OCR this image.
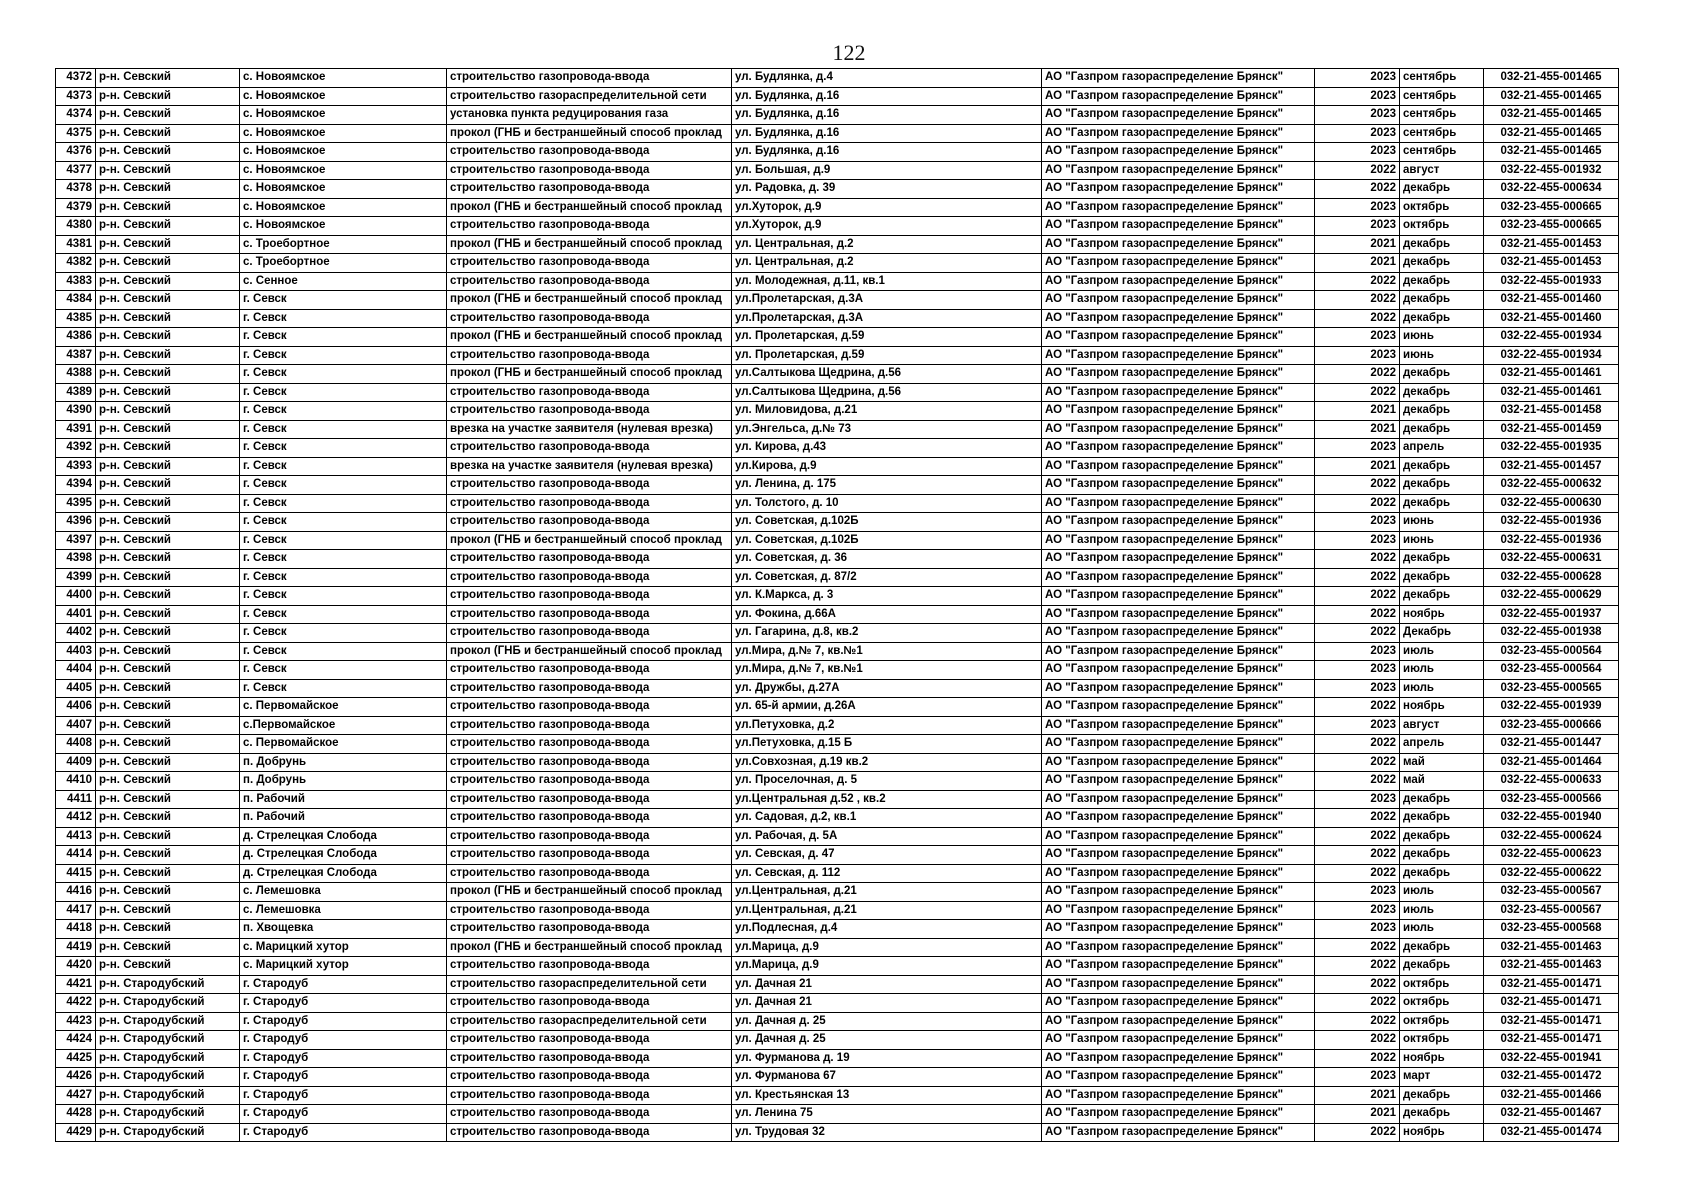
122
4372	р-н. Севский	с. Новоямское	строительство газопровода-ввода	ул. Будлянка, д.4	АО "Газпром газораспределение Брянск"	2023	сентябрь	032-21-455-001465
4373	р-н. Севский	с. Новоямское	строительство газораспределительной сети	ул. Будлянка, д.16	АО "Газпром газораспределение Брянск"	2023	сентябрь	032-21-455-001465
4374	р-н. Севский	с. Новоямское	установка пункта редуцирования газа	ул. Будлянка, д.16	АО "Газпром газораспределение Брянск"	2023	сентябрь	032-21-455-001465
4375	р-н. Севский	с. Новоямское	прокол (ГНБ и бестраншейный способ проклад	ул. Будлянка, д.16	АО "Газпром газораспределение Брянск"	2023	сентябрь	032-21-455-001465
4376	р-н. Севский	с. Новоямское	строительство газопровода-ввода	ул. Будлянка, д.16	АО "Газпром газораспределение Брянск"	2023	сентябрь	032-21-455-001465
4377	р-н. Севский	с. Новоямское	строительство газопровода-ввода	ул. Большая, д.9	АО "Газпром газораспределение Брянск"	2022	август	032-22-455-001932
4378	р-н. Севский	с. Новоямское	строительство газопровода-ввода	ул. Радовка, д. 39	АО "Газпром газораспределение Брянск"	2022	декабрь	032-22-455-000634
4379	р-н. Севский	с. Новоямское	прокол (ГНБ и бестраншейный способ проклад	ул.Хуторок, д.9	АО "Газпром газораспределение Брянск"	2023	октябрь	032-23-455-000665
4380	р-н. Севский	с. Новоямское	строительство газопровода-ввода	ул.Хуторок, д.9	АО "Газпром газораспределение Брянск"	2023	октябрь	032-23-455-000665
4381	р-н. Севский	с. Троебортное	прокол (ГНБ и бестраншейный способ проклад	ул. Центральная, д.2	АО "Газпром газораспределение Брянск"	2021	декабрь	032-21-455-001453
4382	р-н. Севский	с. Троебортное	строительство газопровода-ввода	ул. Центральная, д.2	АО "Газпром газораспределение Брянск"	2021	декабрь	032-21-455-001453
4383	р-н. Севский	с. Сенное	строительство газопровода-ввода	ул. Молодежная, д.11, кв.1	АО "Газпром газораспределение Брянск"	2022	декабрь	032-22-455-001933
4384	р-н. Севский	г. Севск	прокол (ГНБ и бестраншейный способ проклад	ул.Пролетарская, д.3А	АО "Газпром газораспределение Брянск"	2022	декабрь	032-21-455-001460
4385	р-н. Севский	г. Севск	строительство газопровода-ввода	ул.Пролетарская, д.3А	АО "Газпром газораспределение Брянск"	2022	декабрь	032-21-455-001460
4386	р-н. Севский	г. Севск	прокол (ГНБ и бестраншейный способ проклад	ул. Пролетарская, д.59	АО "Газпром газораспределение Брянск"	2023	июнь	032-22-455-001934
4387	р-н. Севский	г. Севск	строительство газопровода-ввода	ул. Пролетарская, д.59	АО "Газпром газораспределение Брянск"	2023	июнь	032-22-455-001934
4388	р-н. Севский	г. Севск	прокол (ГНБ и бестраншейный способ проклад	ул.Салтыкова Щедрина, д.56	АО "Газпром газораспределение Брянск"	2022	декабрь	032-21-455-001461
4389	р-н. Севский	г. Севск	строительство газопровода-ввода	ул.Салтыкова Щедрина, д.56	АО "Газпром газораспределение Брянск"	2022	декабрь	032-21-455-001461
4390	р-н. Севский	г. Севск	строительство газопровода-ввода	ул. Миловидова, д.21	АО "Газпром газораспределение Брянск"	2021	декабрь	032-21-455-001458
4391	р-н. Севский	г. Севск	врезка на участке заявителя (нулевая врезка)	ул.Энгельса, д.№ 73	АО "Газпром газораспределение Брянск"	2021	декабрь	032-21-455-001459
4392	р-н. Севский	г. Севск	строительство газопровода-ввода	ул. Кирова, д.43	АО "Газпром газораспределение Брянск"	2023	апрель	032-22-455-001935
4393	р-н. Севский	г. Севск	врезка на участке заявителя (нулевая врезка)	ул.Кирова, д.9	АО "Газпром газораспределение Брянск"	2021	декабрь	032-21-455-001457
4394	р-н. Севский	г. Севск	строительство газопровода-ввода	ул. Ленина, д. 175	АО "Газпром газораспределение Брянск"	2022	декабрь	032-22-455-000632
4395	р-н. Севский	г. Севск	строительство газопровода-ввода	ул. Толстого, д. 10	АО "Газпром газораспределение Брянск"	2022	декабрь	032-22-455-000630
4396	р-н. Севский	г. Севск	строительство газопровода-ввода	ул. Советская, д.102Б	АО "Газпром газораспределение Брянск"	2023	июнь	032-22-455-001936
4397	р-н. Севский	г. Севск	прокол (ГНБ и бестраншейный способ проклад	ул. Советская, д.102Б	АО "Газпром газораспределение Брянск"	2023	июнь	032-22-455-001936
4398	р-н. Севский	г. Севск	строительство газопровода-ввода	ул. Советская, д. 36	АО "Газпром газораспределение Брянск"	2022	декабрь	032-22-455-000631
4399	р-н. Севский	г. Севск	строительство газопровода-ввода	ул. Советская, д. 87/2	АО "Газпром газораспределение Брянск"	2022	декабрь	032-22-455-000628
4400	р-н. Севский	г. Севск	строительство газопровода-ввода	ул. К.Маркса, д. 3	АО "Газпром газораспределение Брянск"	2022	декабрь	032-22-455-000629
4401	р-н. Севский	г. Севск	строительство газопровода-ввода	ул. Фокина, д.66А	АО "Газпром газораспределение Брянск"	2022	ноябрь	032-22-455-001937
4402	р-н. Севский	г. Севск	строительство газопровода-ввода	ул. Гагарина, д.8, кв.2	АО "Газпром газораспределение Брянск"	2022	Декабрь	032-22-455-001938
4403	р-н. Севский	г. Севск	прокол (ГНБ и бестраншейный способ проклад	ул.Мира, д.№ 7, кв.№1	АО "Газпром газораспределение Брянск"	2023	июль	032-23-455-000564
4404	р-н. Севский	г. Севск	строительство газопровода-ввода	ул.Мира, д.№ 7, кв.№1	АО "Газпром газораспределение Брянск"	2023	июль	032-23-455-000564
4405	р-н. Севский	г. Севск	строительство газопровода-ввода	ул. Дружбы, д.27А	АО "Газпром газораспределение Брянск"	2023	июль	032-23-455-000565
4406	р-н. Севский	с. Первомайское	строительство газопровода-ввода	ул. 65-й армии, д.26А	АО "Газпром газораспределение Брянск"	2022	ноябрь	032-22-455-001939
4407	р-н. Севский	с.Первомайское	строительство газопровода-ввода	ул.Петуховка, д.2	АО "Газпром газораспределение Брянск"	2023	август	032-23-455-000666
4408	р-н. Севский	с. Первомайское	строительство газопровода-ввода	ул.Петуховка, д.15 Б	АО "Газпром газораспределение Брянск"	2022	апрель	032-21-455-001447
4409	р-н. Севский	п. Добрунь	строительство газопровода-ввода	ул.Совхозная, д.19 кв.2	АО "Газпром газораспределение Брянск"	2022	май	032-21-455-001464
4410	р-н. Севский	п. Добрунь	строительство газопровода-ввода	ул. Проселочная, д. 5	АО "Газпром газораспределение Брянск"	2022	май	032-22-455-000633
4411	р-н. Севский	п. Рабочий	строительство газопровода-ввода	ул.Центральная д.52 , кв.2	АО "Газпром газораспределение Брянск"	2023	декабрь	032-23-455-000566
4412	р-н. Севский	п. Рабочий	строительство газопровода-ввода	ул. Садовая, д.2, кв.1	АО "Газпром газораспределение Брянск"	2022	декабрь	032-22-455-001940
4413	р-н. Севский	д. Стрелецкая Слобода	строительство газопровода-ввода	ул. Рабочая, д. 5А	АО "Газпром газораспределение Брянск"	2022	декабрь	032-22-455-000624
4414	р-н. Севский	д. Стрелецкая Слобода	строительство газопровода-ввода	ул. Севская, д. 47	АО "Газпром газораспределение Брянск"	2022	декабрь	032-22-455-000623
4415	р-н. Севский	д. Стрелецкая Слобода	строительство газопровода-ввода	ул. Севская, д. 112	АО "Газпром газораспределение Брянск"	2022	декабрь	032-22-455-000622
4416	р-н. Севский	с. Лемешовка	прокол (ГНБ и бестраншейный способ проклад	ул.Центральная, д.21	АО "Газпром газораспределение Брянск"	2023	июль	032-23-455-000567
4417	р-н. Севский	с. Лемешовка	строительство газопровода-ввода	ул.Центральная, д.21	АО "Газпром газораспределение Брянск"	2023	июль	032-23-455-000567
4418	р-н. Севский	п. Хвощевка	строительство газопровода-ввода	ул.Подлесная, д.4	АО "Газпром газораспределение Брянск"	2023	июль	032-23-455-000568
4419	р-н. Севский	с. Марицкий хутор	прокол (ГНБ и бестраншейный способ проклад	ул.Марица, д.9	АО "Газпром газораспределение Брянск"	2022	декабрь	032-21-455-001463
4420	р-н. Севский	с. Марицкий хутор	строительство газопровода-ввода	ул.Марица, д.9	АО "Газпром газораспределение Брянск"	2022	декабрь	032-21-455-001463
4421	р-н. Стародубский	г. Стародуб	строительство газораспределительной сети	ул. Дачная 21	АО "Газпром газораспределение Брянск"	2022	октябрь	032-21-455-001471
4422	р-н. Стародубский	г. Стародуб	строительство газопровода-ввода	ул. Дачная 21	АО "Газпром газораспределение Брянск"	2022	октябрь	032-21-455-001471
4423	р-н. Стародубский	г. Стародуб	строительство газораспределительной сети	ул. Дачная д. 25	АО "Газпром газораспределение Брянск"	2022	октябрь	032-21-455-001471
4424	р-н. Стародубский	г. Стародуб	строительство газопровода-ввода	ул. Дачная д. 25	АО "Газпром газораспределение Брянск"	2022	октябрь	032-21-455-001471
4425	р-н. Стародубский	г. Стародуб	строительство газопровода-ввода	ул. Фурманова д. 19	АО "Газпром газораспределение Брянск"	2022	ноябрь	032-22-455-001941
4426	р-н. Стародубский	г. Стародуб	строительство газопровода-ввода	ул. Фурманова 67	АО "Газпром газораспределение Брянск"	2023	март	032-21-455-001472
4427	р-н. Стародубский	г. Стародуб	строительство газопровода-ввода	ул. Крестьянская 13	АО "Газпром газораспределение Брянск"	2021	декабрь	032-21-455-001466
4428	р-н. Стародубский	г. Стародуб	строительство газопровода-ввода	ул. Ленина 75	АО "Газпром газораспределение Брянск"	2021	декабрь	032-21-455-001467
4429	р-н. Стародубский	г. Стародуб	строительство газопровода-ввода	ул. Трудовая 32	АО "Газпром газораспределение Брянск"	2022	ноябрь	032-21-455-001474
